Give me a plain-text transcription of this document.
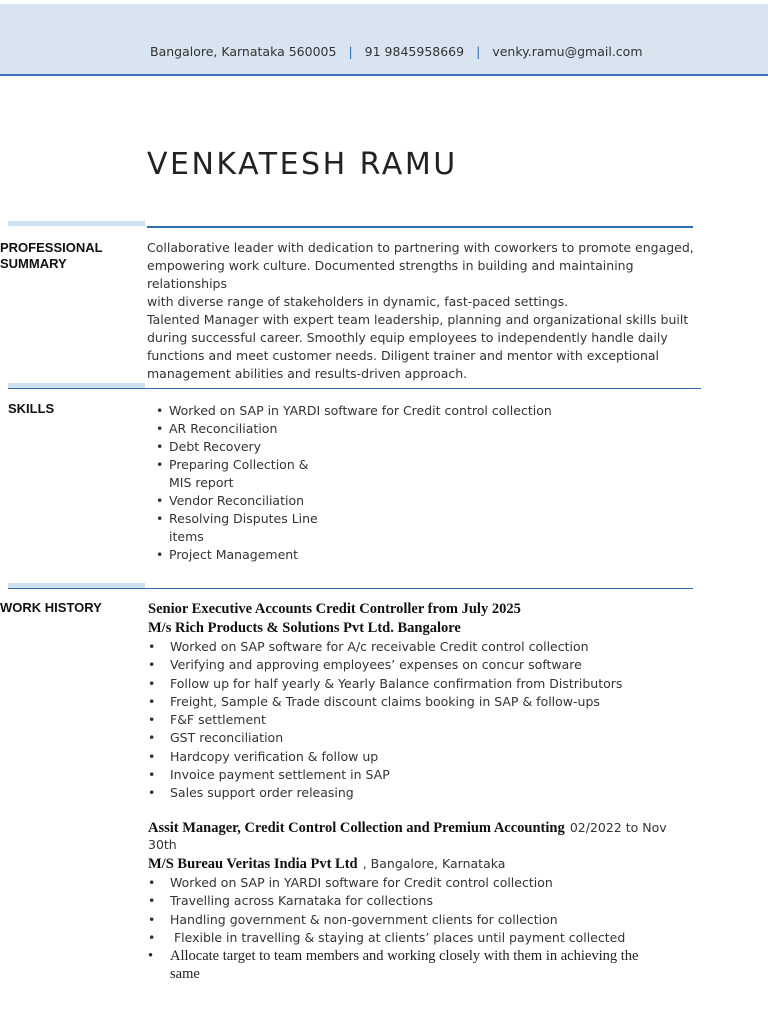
Bangalore, Karnataka 560005 | 91 9845958669 | venky.ramu@gmail.com
VENKATESH RAMU
PROFESSIONAL
SUMMARY
Collaborative leader with dedication to partnering with coworkers to promote engaged,
empowering work culture. Documented strengths in building and maintaining relationships
with diverse range of stakeholders in dynamic, fast-paced settings.
Talented Manager with expert team leadership, planning and organizational skills built
during successful career. Smoothly equip employees to independently handle daily
functions and meet customer needs. Diligent trainer and mentor with exceptional
management abilities and results-driven approach.
SKILLS
•	Worked on SAP in YARDI software for Credit control collection
• AR Reconciliation
• Debt Recovery
• Preparing Collection &
MIS report
• Vendor Reconciliation
• Resolving Disputes Line
items
• Project Management
WORK HISTORY	Senior Executive Accounts Credit Controller from July 2025
M/s Rich Products & Solutions Pvt Ltd. Bangalore
• Worked on SAP software for A/c receivable Credit control collection
• Verifying and approving employees’ expenses on concur software
• Follow up for half yearly & Yearly Balance confirmation from Distributors
• Freight, Sample & Trade discount claims booking in SAP & follow-ups
• F&F settlement
• GST reconciliation
• Hardcopy verification & follow up
• Invoice payment settlement in SAP
• Sales support order releasing
Assit Manager, Credit Control Collection and Premium Accounting 02/2022 to Nov
30th
M/S Bureau Veritas India Pvt Ltd , Bangalore, Karnataka
• Worked on SAP in YARDI software for Credit control collection
• Travelling across Karnataka for collections
• Handling government & non-government clients for collection
•  Flexible in travelling & staying at clients’ places until payment collected
• Allocate target to team members and working closely with them in achieving the
same
